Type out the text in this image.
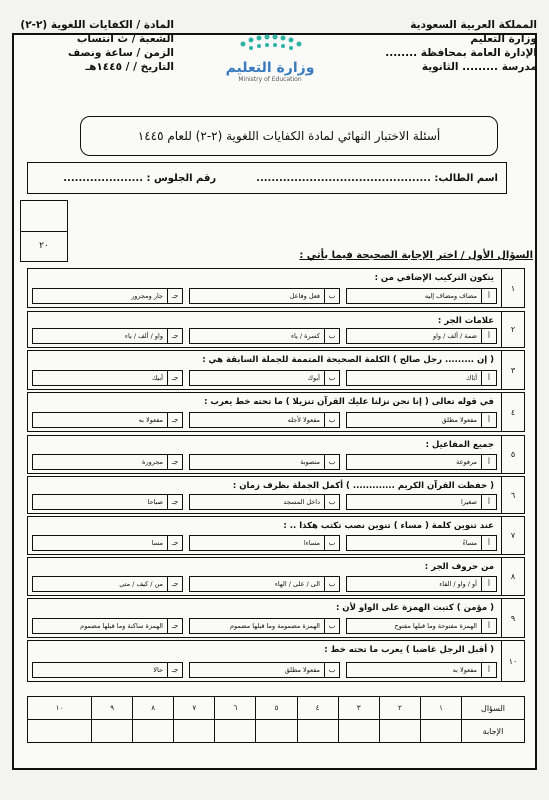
المملكة العربية السعودية
وزارة التعليم
الإدارة العامة بمحافظة ........
مدرسة ......... الثانوية
وزارة التعليم
Ministry of Education
المادة / الكفايات اللغوية (٢-٢)
الشعبة / ث انتساب
الزمن / ساعة ونصف
التاريخ / / ١٤٤٥هـ
أسئلة الاختبار النهائي لمادة الكفايات اللغوية (٢-٢) للعام ١٤٤٥
اسم الطالب: ..............................................
رقم الجلوس : .....................
٢٠
السؤال الأول / اختر الإجابة الصحيحة فيما يأتي :
١
يتكون التركيب الإضافي من :
أ
مضاف ومضاف إليه
ب
فعل وفاعل
جـ
جار ومجرور
٢
علامات الجر :
أ
ضمة / ألف / واو
ب
كسرة / ياء
جـ
واو / ألف / ياء
٣
( إن ......... رجل صالح ) الكلمة الصحيحة المتممة للجملة السابقة هي :
أ
أبَاك
ب
أبوك
جـ
أبيك
٤
في قوله تعالى ( إنا نحن نزلنا عليك القرآن تنزيلا ) ما تحته خط يعرب :
أ
مفعولا مطلق
ب
مفعولا لأجله
جـ
مفعولا به
٥
جميع المفاعيل :
أ
مرفوعة
ب
منصوبة
جـ
مجرورة
٦
( حفظت القرآن الكريم ............. ) أكمل الجملة بظرف زمان :
أ
صغيرا
ب
داخل المسجد
جـ
صباحا
٧
عند تنوين كلمة ( مساء ) تنوين نصب تكتب هكذا .. :
أ
مساءً
ب
مساءا
جـ
مسا
٨
من حروف الجر :
أ
أو / واو / الفاء
ب
الى / على / الهاء
جـ
من / كيف / متى
٩
( مؤمن ) كتبت الهمزة على الواو لأن :
أ
الهمزة مفتوحة وما قبلها مفتوح
ب
الهمزة مضمومة وما قبلها مضموم
جـ
الهمزة ساكنة وما قبلها مضموم
١٠
( أقبل الرجل غاضبا ) يعرب ما تحته خط :
أ
مفعولا به
ب
مفعولا مطلق
جـ
حالا
السؤال	١	٢	٣	٤	٥	٦	٧	٨	٩	١٠
الإجابة										
